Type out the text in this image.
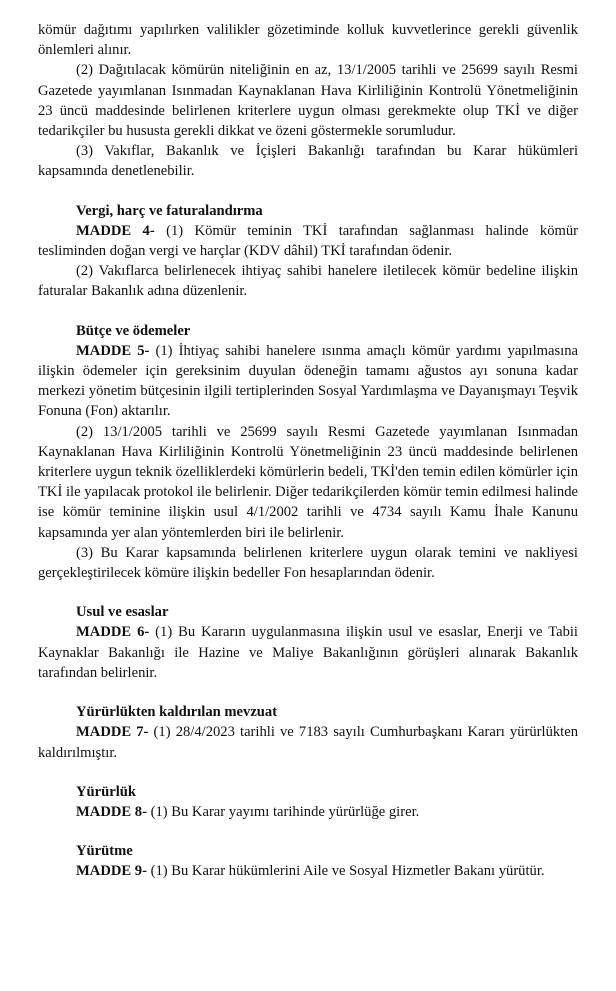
kömür dağıtımı yapılırken valilikler gözetiminde kolluk kuvvetlerince gerekli güvenlik önlemleri alınır.

(2) Dağıtılacak kömürün niteliğinin en az, 13/1/2005 tarihli ve 25699 sayılı Resmi Gazetede yayımlanan Isınmadan Kaynaklanan Hava Kirliliğinin Kontrolü Yönetmeliğinin 23 üncü maddesinde belirlenen kriterlere uygun olması gerekmekte olup TKİ ve diğer tedarikçiler bu hususta gerekli dikkat ve özeni göstermekle sorumludur.

(3) Vakıflar, Bakanlık ve İçişleri Bakanlığı tarafından bu Karar hükümleri kapsamında denetlenebilir.

Vergi, harç ve faturalandırma

MADDE 4- (1) Kömür teminin TKİ tarafından sağlanması halinde kömür tesliminden doğan vergi ve harçlar (KDV dâhil) TKİ tarafından ödenir.

(2) Vakıflarca belirlenecek ihtiyaç sahibi hanelere iletilecek kömür bedeline ilişkin faturalar Bakanlık adına düzenlenir.

Bütçe ve ödemeler

MADDE 5- (1) İhtiyaç sahibi hanelere ısınma amaçlı kömür yardımı yapılmasına ilişkin ödemeler için gereksinim duyulan ödeneğin tamamı ağustos ayı sonuna kadar merkezi yönetim bütçesinin ilgili tertiplerinden Sosyal Yardımlaşma ve Dayanışmayı Teşvik Fonuna (Fon) aktarılır.

(2) 13/1/2005 tarihli ve 25699 sayılı Resmi Gazetede yayımlanan Isınmadan Kaynaklanan Hava Kirliliğinin Kontrolü Yönetmeliğinin 23 üncü maddesinde belirlenen kriterlere uygun teknik özelliklerdeki kömürlerin bedeli, TKİ'den temin edilen kömürler için TKİ ile yapılacak protokol ile belirlenir. Diğer tedarikçilerden kömür temin edilmesi halinde ise kömür teminine ilişkin usul 4/1/2002 tarihli ve 4734 sayılı Kamu İhale Kanunu kapsamında yer alan yöntemlerden biri ile belirlenir.

(3) Bu Karar kapsamında belirlenen kriterlere uygun olarak temini ve nakliyesi gerçekleştirilecek kömüre ilişkin bedeller Fon hesaplarından ödenir.

Usul ve esaslar

MADDE 6- (1) Bu Kararın uygulanmasına ilişkin usul ve esaslar, Enerji ve Tabii Kaynaklar Bakanlığı ile Hazine ve Maliye Bakanlığının görüşleri alınarak Bakanlık tarafından belirlenir.

Yürürlükten kaldırılan mevzuat

MADDE 7- (1) 28/4/2023 tarihli ve 7183 sayılı Cumhurbaşkanı Kararı yürürlükten kaldırılmıştır.

Yürürlük

MADDE 8- (1) Bu Karar yayımı tarihinde yürürlüğe girer.

Yürütme

MADDE 9- (1) Bu Karar hükümlerini Aile ve Sosyal Hizmetler Bakanı yürütür.
